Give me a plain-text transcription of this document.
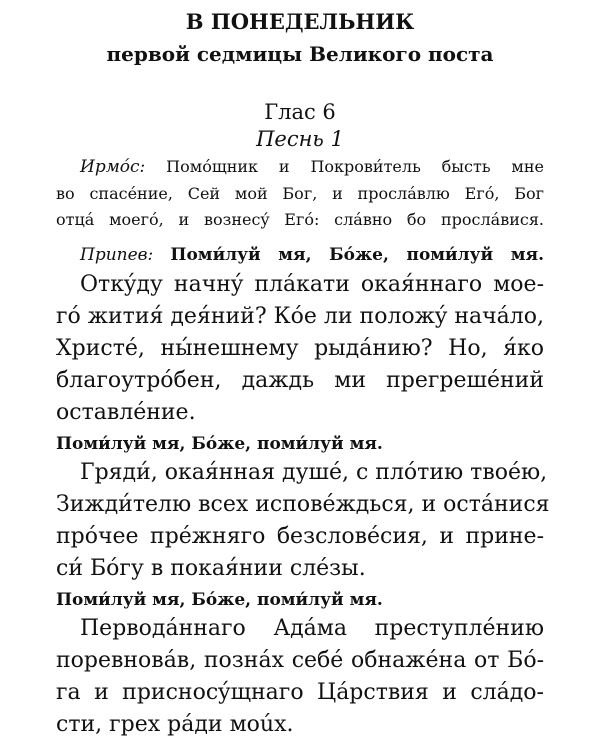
В ПОНЕДЕЛЬНИК
первой седмицы Великого поста
Глас 6
Песнь 1
Ирмóс: Помóщник и Покрови́тель бысть мне
во спасéние, Сей мой Бог, и прослáвлю Егó, Бог
отцá моегó, и вознесý Егó: слáвно бо прослáвися.
Припев: Поми́луй мя, Бóже, поми́луй мя.
Откýду начнý плáкати окая́ннаго мое-
гó жития́ дея́ний? Кóе ли положý начáло,
Христé, ны́нешнему рыдáнию? Но, я́ко
благоутрóбен, даждь ми прегрешéний
оставлéние.
Поми́луй мя, Бóже, поми́луй мя.
Гряди́, окая́нная душé, с плóтию твоéю,
Зижди́телю всех исповéждься, и остáнися
прóчее прéжняго безсловéсия, и прине-
си́ Бóгу в покая́нии слéзы.
Поми́луй мя, Бóже, поми́луй мя.
Перводáннаго Адáма преступлéнию
поревновáв, познáх себé обнажéна от Бó-
га и присносýщнаго Цáрствия и слáдо-
сти, грех рáди моúх.
